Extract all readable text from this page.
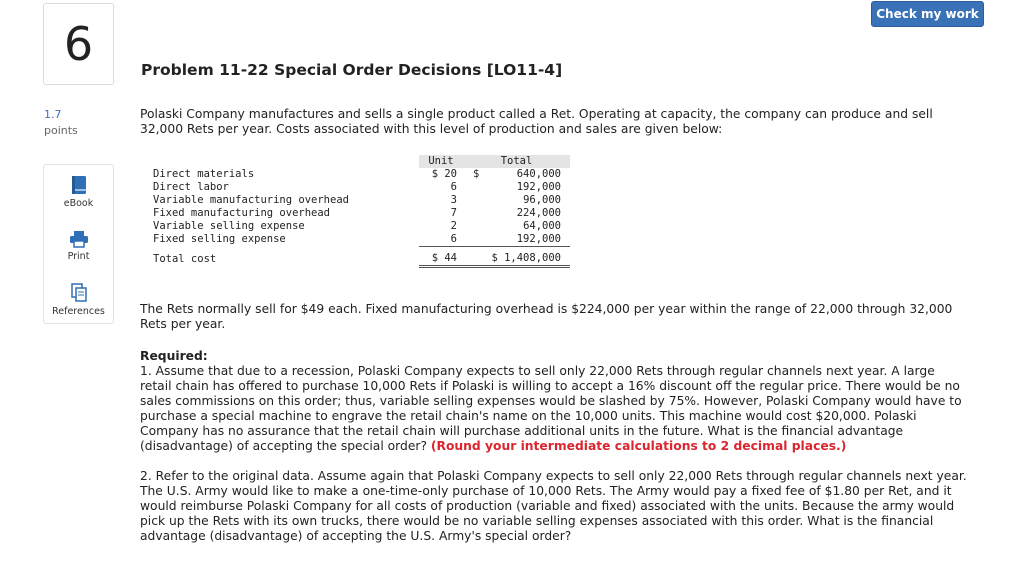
Check my work
6
1.7
points
eBook
Print
References
Problem 11-22 Special Order Decisions [LO11-4]
Polaski Company manufactures and sells a single product called a Ret. Operating at capacity, the company can produce and sell 32,000 Rets per year. Costs associated with this level of production and sales are given below:
	Unit	Total	
Direct materials	$ 20	$	640,000
Direct labor	6		192,000
Variable manufacturing overhead	3		96,000
Fixed manufacturing overhead	7		224,000
Variable selling expense	2		64,000
Fixed selling expense	6		192,000
Total cost	$ 44	$ 1,408,000	
The Rets normally sell for $49 each. Fixed manufacturing overhead is $224,000 per year within the range of 22,000 through 32,000 Rets per year.
Required:
1. Assume that due to a recession, Polaski Company expects to sell only 22,000 Rets through regular channels next year. A large retail chain has offered to purchase 10,000 Rets if Polaski is willing to accept a 16% discount off the regular price. There would be no sales commissions on this order; thus, variable selling expenses would be slashed by 75%. However, Polaski Company would have to purchase a special machine to engrave the retail chain's name on the 10,000 units. This machine would cost $20,000. Polaski Company has no assurance that the retail chain will purchase additional units in the future. What is the financial advantage (disadvantage) of accepting the special order? (Round your intermediate calculations to 2 decimal places.)
2. Refer to the original data. Assume again that Polaski Company expects to sell only 22,000 Rets through regular channels next year. The U.S. Army would like to make a one-time-only purchase of 10,000 Rets. The Army would pay a fixed fee of $1.80 per Ret, and it would reimburse Polaski Company for all costs of production (variable and fixed) associated with the units. Because the army would pick up the Rets with its own trucks, there would be no variable selling expenses associated with this order. What is the financial advantage (disadvantage) of accepting the U.S. Army's special order?
